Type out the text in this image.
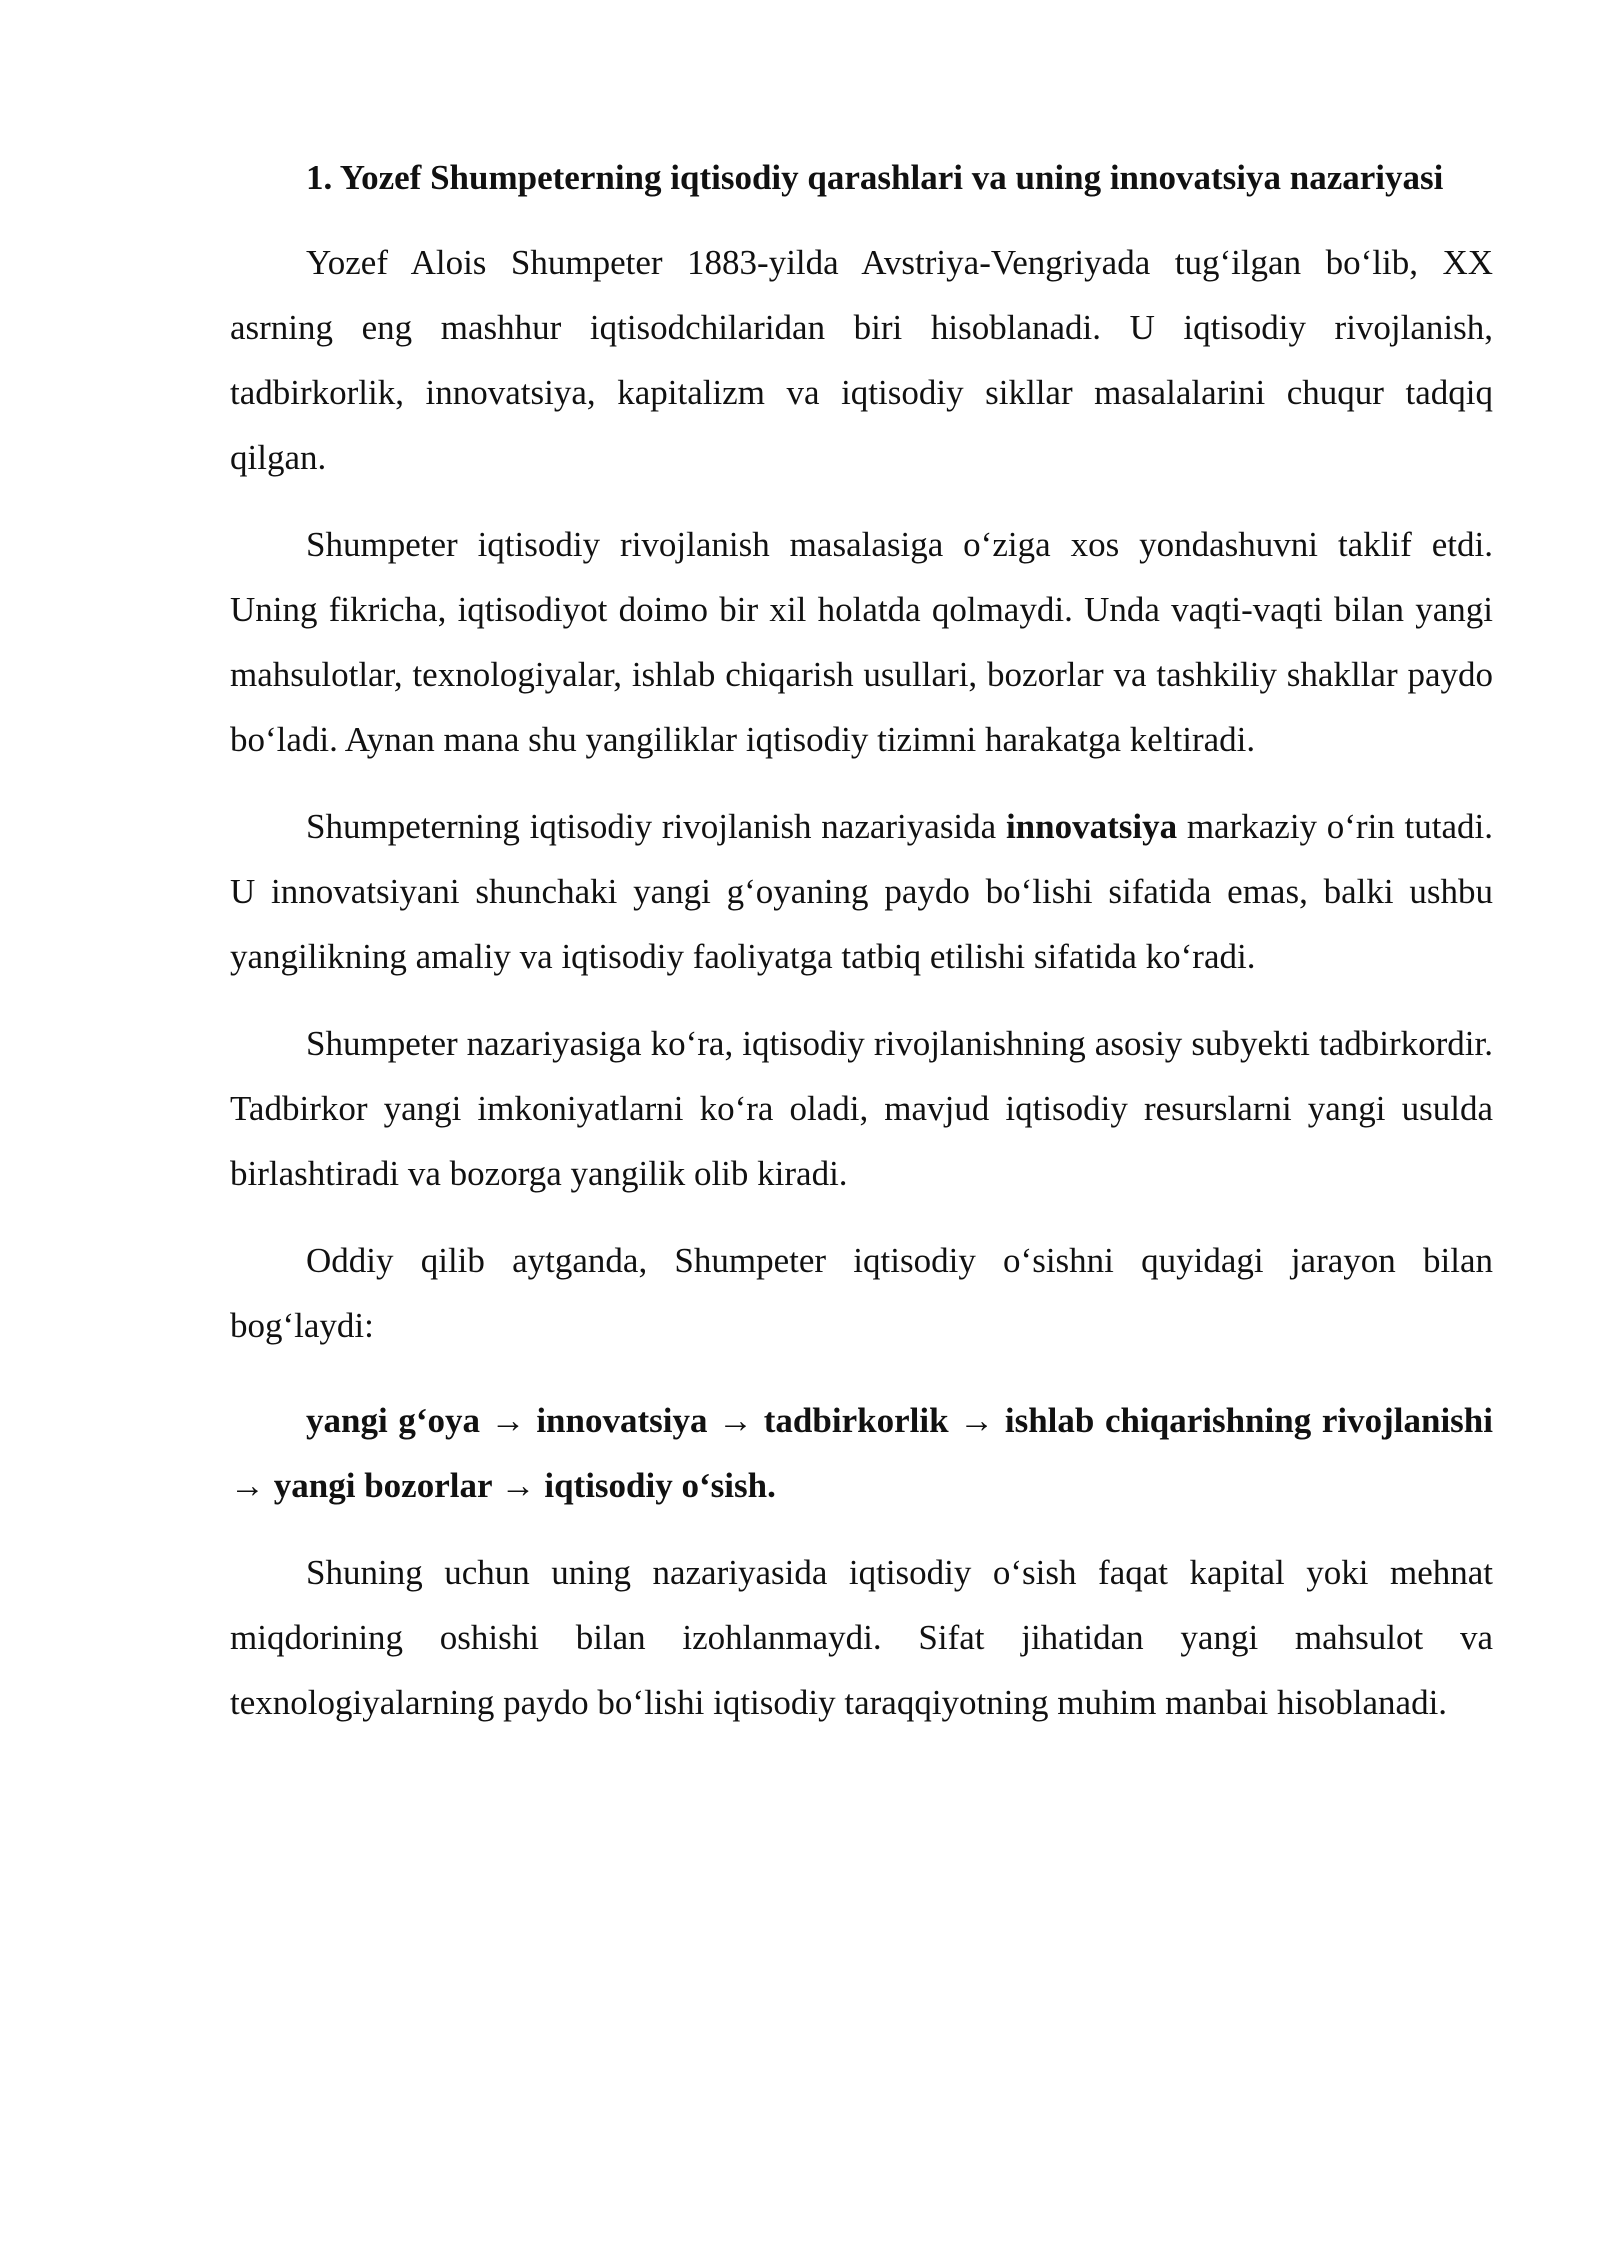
1. Yozef Shumpeterning iqtisodiy qarashlari va uning innovatsiya nazariyasi

Yozef Alois Shumpeter 1883-yilda Avstriya-Vengriyada tug‘ilgan bo‘lib, XX asrning eng mashhur iqtisodchilaridan biri hisoblanadi. U iqtisodiy rivojlanish, tadbirkorlik, innovatsiya, kapitalizm va iqtisodiy sikllar masalalarini chuqur tadqiq qilgan.

Shumpeter iqtisodiy rivojlanish masalasiga o‘ziga xos yondashuvni taklif etdi. Uning fikricha, iqtisodiyot doimo bir xil holatda qolmaydi. Unda vaqti-vaqti bilan yangi mahsulotlar, texnologiyalar, ishlab chiqarish usullari, bozorlar va tashkiliy shakllar paydo bo‘ladi. Aynan mana shu yangiliklar iqtisodiy tizimni harakatga keltiradi.

Shumpeterning iqtisodiy rivojlanish nazariyasida innovatsiya markaziy o‘rin tutadi. U innovatsiyani shunchaki yangi g‘oyaning paydo bo‘lishi sifatida emas, balki ushbu yangilikning amaliy va iqtisodiy faoliyatga tatbiq etilishi sifatida ko‘radi.

Shumpeter nazariyasiga ko‘ra, iqtisodiy rivojlanishning asosiy subyekti tadbirkordir. Tadbirkor yangi imkoniyatlarni ko‘ra oladi, mavjud iqtisodiy resurslarni yangi usulda birlashtiradi va bozorga yangilik olib kiradi.

Oddiy qilib aytganda, Shumpeter iqtisodiy o‘sishni quyidagi jarayon bilan bog‘laydi:

yangi g‘oya → innovatsiya → tadbirkorlik → ishlab chiqarishning rivojlanishi → yangi bozorlar → iqtisodiy o‘sish.

Shuning uchun uning nazariyasida iqtisodiy o‘sish faqat kapital yoki mehnat miqdorining oshishi bilan izohlanmaydi. Sifat jihatidan yangi mahsulot va texnologiyalarning paydo bo‘lishi iqtisodiy taraqqiyotning muhim manbai hisoblanadi.
